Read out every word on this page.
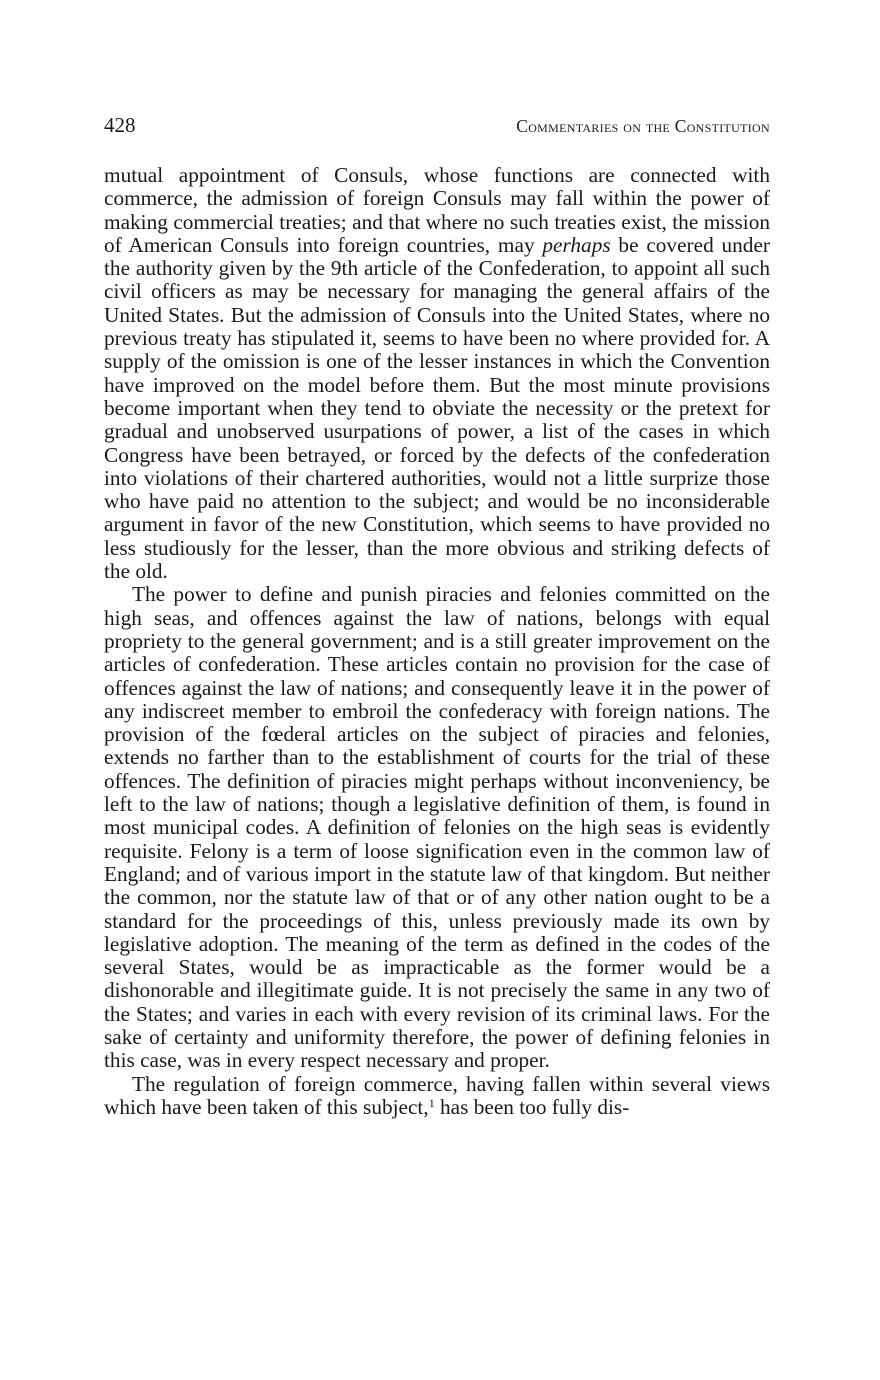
428	Commentaries on the Constitution

mutual appointment of Consuls, whose functions are connected with commerce, the admission of foreign Consuls may fall within the power of making commercial treaties; and that where no such treaties exist, the mission of American Consuls into foreign countries, may perhaps be covered under the authority given by the 9th article of the Confederation, to appoint all such civil officers as may be necessary for managing the general affairs of the United States. But the admission of Consuls into the United States, where no previous treaty has stipulated it, seems to have been no where provided for. A supply of the omission is one of the lesser instances in which the Convention have improved on the model before them. But the most minute provisions become important when they tend to obviate the necessity or the pretext for gradual and unobserved usurpations of power, a list of the cases in which Congress have been betrayed, or forced by the defects of the confederation into violations of their chartered authorities, would not a little surprize those who have paid no attention to the subject; and would be no inconsiderable argument in favor of the new Constitution, which seems to have provided no less studiously for the lesser, than the more obvious and striking defects of the old.

The power to define and punish piracies and felonies committed on the high seas, and offences against the law of nations, belongs with equal propriety to the general government; and is a still greater improvement on the articles of confederation. These articles contain no provision for the case of offences against the law of nations; and consequently leave it in the power of any indiscreet member to embroil the confederacy with foreign nations. The provision of the fœderal articles on the subject of piracies and felonies, extends no farther than to the establishment of courts for the trial of these offences. The definition of piracies might perhaps without inconveniency, be left to the law of nations; though a legislative definition of them, is found in most municipal codes. A definition of felonies on the high seas is evidently requisite. Felony is a term of loose signification even in the common law of England; and of various import in the statute law of that kingdom. But neither the common, nor the statute law of that or of any other nation ought to be a standard for the proceedings of this, unless previously made its own by legislative adoption. The meaning of the term as defined in the codes of the several States, would be as impracticable as the former would be a dishonorable and illegitimate guide. It is not precisely the same in any two of the States; and varies in each with every revision of its criminal laws. For the sake of certainty and uniformity therefore, the power of defining felonies in this case, was in every respect necessary and proper.

The regulation of foreign commerce, having fallen within several views which have been taken of this subject,$^1$ has been too fully dis-
